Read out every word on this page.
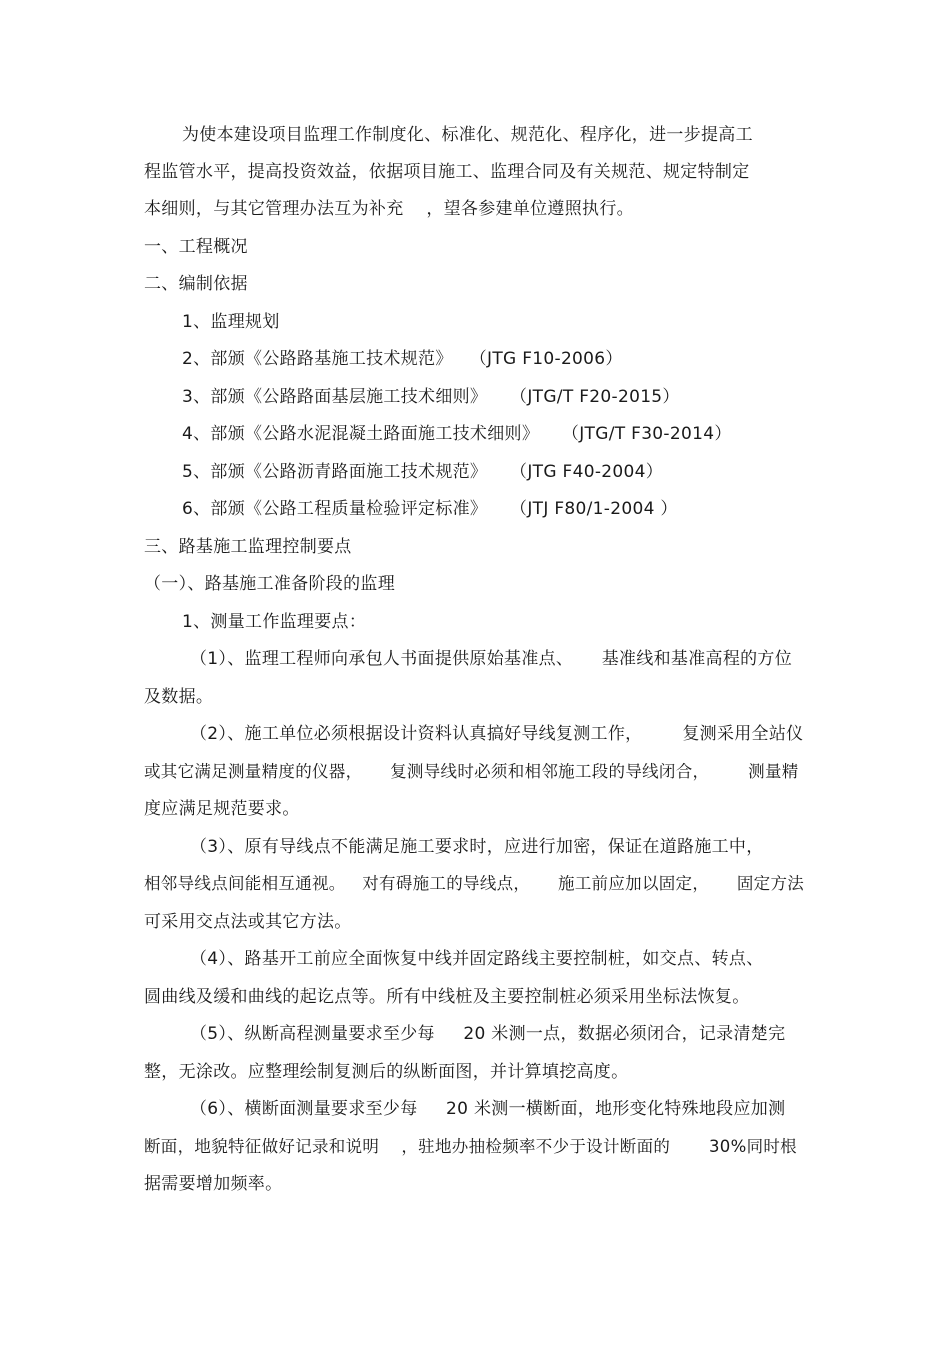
为使本建设项目监理工作制度化、标准化、规范化、程序化，进一步提高工
程监管水平，提高投资效益，依据项目施工、监理合同及有关规范、规定特制定
本细则，与其它管理办法互为补充    ，望各参建单位遵照执行。
一、工程概况
二、编制依据
1、监理规划
2、部颁《公路路基施工技术规范》   （JTG F10-2006）
3、部颁《公路路面基层施工技术细则》    （JTG/T F20-2015）
4、部颁《公路水泥混凝土路面施工技术细则》    （JTG/T F30-2014）
5、部颁《公路沥青路面施工技术规范》    （JTG F40-2004）
6、部颁《公路工程质量检验评定标准》    （JTJ F80/1-2004 ）
三、路基施工监理控制要点
（一）、路基施工准备阶段的监理
1、测量工作监理要点：
（1）、监理工程师向承包人书面提供原始基准点、     基准线和基准高程的方位
及数据。
（2）、施工单位必须根据设计资料认真搞好导线复测工作，       复测采用全站仪
或其它满足测量精度的仪器，     复测导线时必须和相邻施工段的导线闭合，       测量精
度应满足规范要求。
（3）、原有导线点不能满足施工要求时，应进行加密，保证在道路施工中，
相邻导线点间能相互通视。   对有碍施工的导线点，     施工前应加以固定，     固定方法
可采用交点法或其它方法。
（4）、路基开工前应全面恢复中线并固定路线主要控制桩，如交点、转点、
圆曲线及缓和曲线的起讫点等。所有中线桩及主要控制桩必须采用坐标法恢复。
（5）、纵断高程测量要求至少每     20 米测一点，数据必须闭合，记录清楚完
整，无涂改。应整理绘制复测后的纵断面图，并计算填挖高度。
（6）、横断面测量要求至少每     20 米测一横断面，地形变化特殊地段应加测
断面，地貌特征做好记录和说明    ，驻地办抽检频率不少于设计断面的       30%同时根
据需要增加频率。
